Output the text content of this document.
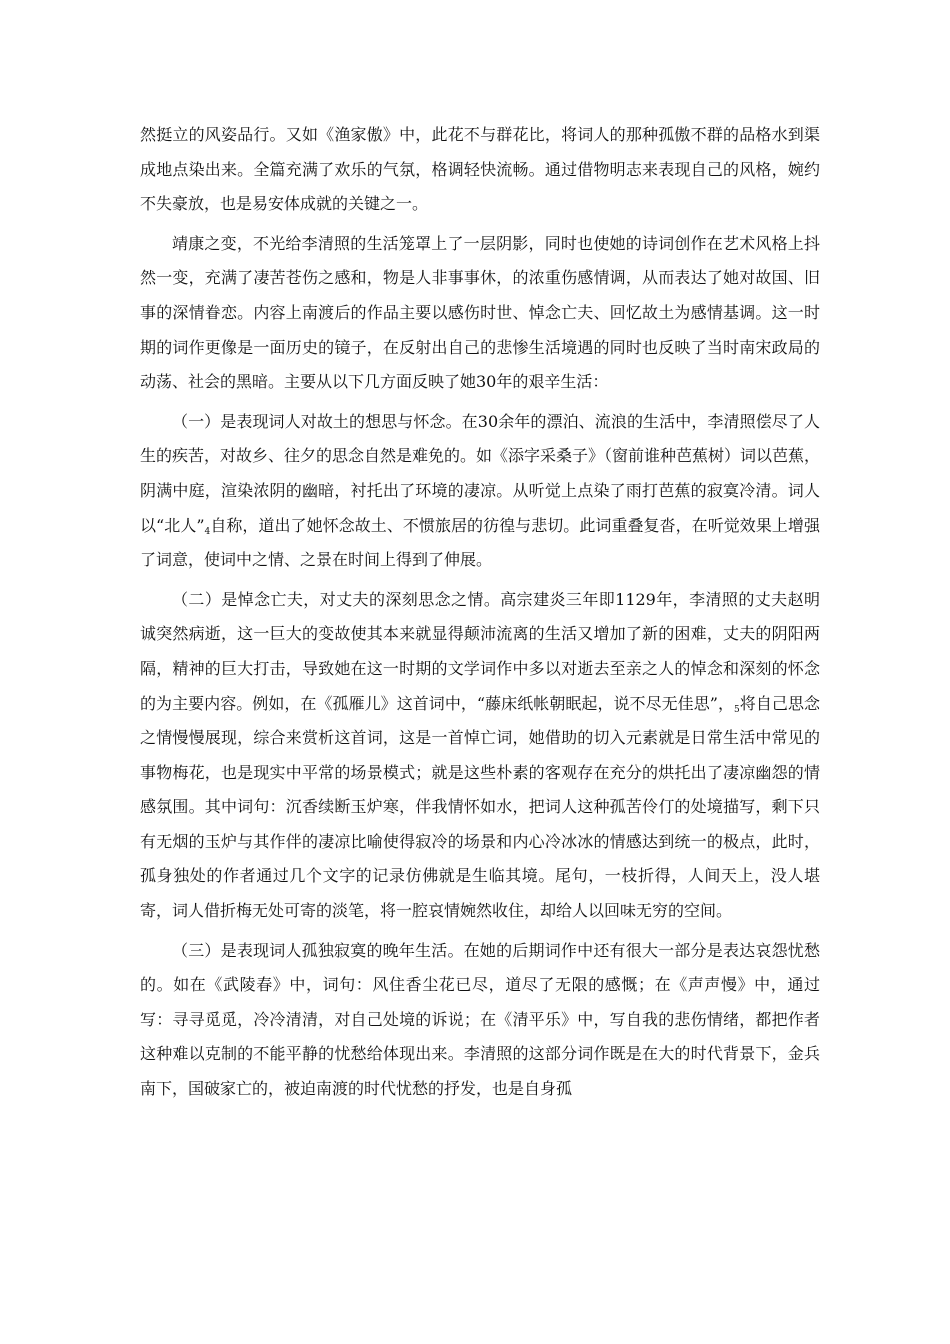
然挺立的风姿品行。又如《渔家傲》中，此花不与群花比，将词人的那种孤傲不群的品格水到渠成地点染出来。全篇充满了欢乐的气氛，格调轻快流畅。通过借物明志来表现自己的风格，婉约不失豪放，也是易安体成就的关键之一。

靖康之变，不光给李清照的生活笼罩上了一层阴影，同时也使她的诗词创作在艺术风格上抖然一变，充满了凄苦苍伤之感和，物是人非事事休，的浓重伤感情调，从而表达了她对故国、旧事的深情眷恋。内容上南渡后的作品主要以感伤时世、悼念亡夫、回忆故土为感情基调。这一时期的词作更像是一面历史的镜子，在反射出自己的悲惨生活境遇的同时也反映了当时南宋政局的动荡、社会的黑暗。主要从以下几方面反映了她30年的艰辛生活：

（一）是表现词人对故土的想思与怀念。在30余年的漂泊、流浪的生活中，李清照偿尽了人生的疾苦，对故乡、往夕的思念自然是难免的。如《添字采桑子》（窗前谁种芭蕉树）词以芭蕉，阴满中庭，渲染浓阴的幽暗，衬托出了环境的凄凉。从听觉上点染了雨打芭蕉的寂寞冷清。词人以“北人”4自称，道出了她怀念故土、不惯旅居的彷徨与悲切。此词重叠复沓，在听觉效果上增强了词意，使词中之情、之景在时间上得到了伸展。

（二）是悼念亡夫，对丈夫的深刻思念之情。高宗建炎三年即1129年，李清照的丈夫赵明诚突然病逝，这一巨大的变故使其本来就显得颠沛流离的生活又增加了新的困难，丈夫的阴阳两隔，精神的巨大打击，导致她在这一时期的文学词作中多以对逝去至亲之人的悼念和深刻的怀念的为主要内容。例如，在《孤雁儿》这首词中，“藤床纸帐朝眠起，说不尽无佳思”，5将自己思念之情慢慢展现，综合来赏析这首词，这是一首悼亡词，她借助的切入元素就是日常生活中常见的事物梅花，也是现实中平常的场景模式；就是这些朴素的客观存在充分的烘托出了凄凉幽怨的情感氛围。其中词句：沉香续断玉炉寒，伴我情怀如水，把词人这种孤苦伶仃的处境描写，剩下只有无烟的玉炉与其作伴的凄凉比喻使得寂冷的场景和内心冷冰冰的情感达到统一的极点，此时，孤身独处的作者通过几个文字的记录仿佛就是生临其境。尾句，一枝折得，人间天上，没人堪寄，词人借折梅无处可寄的淡笔，将一腔哀情婉然收住，却给人以回味无穷的空间。

（三）是表现词人孤独寂寞的晚年生活。在她的后期词作中还有很大一部分是表达哀怨忧愁的。如在《武陵春》中，词句：风住香尘花已尽，道尽了无限的感慨；在《声声慢》中，通过写：寻寻觅觅，冷冷清清，对自己处境的诉说；在《清平乐》中，写自我的悲伤情绪，都把作者这种难以克制的不能平静的忧愁给体现出来。李清照的这部分词作既是在大的时代背景下，金兵南下，国破家亡的，被迫南渡的时代忧愁的抒发，也是自身孤
